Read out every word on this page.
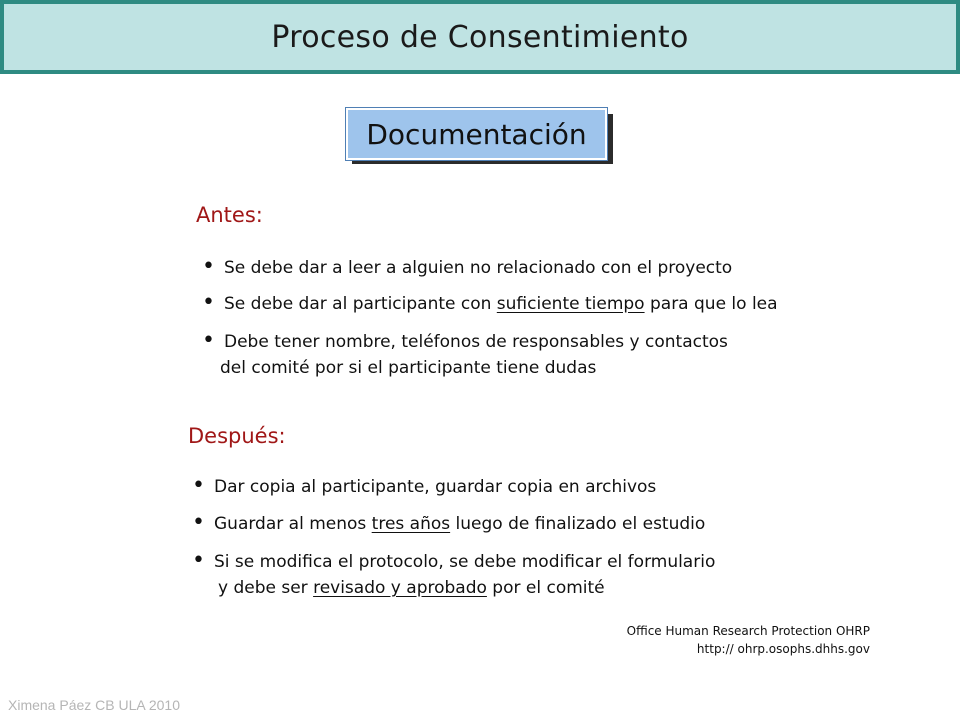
Proceso de Consentimiento
Documentación
Antes:
• Se debe dar a leer a alguien no relacionado con el proyecto
• Se debe dar al participante con suficiente tiempo para que lo lea
• Debe tener nombre, teléfonos de responsables y contactos
del comité por si el participante tiene dudas
Después:
• Dar copia al participante, guardar copia en archivos
• Guardar al menos tres años luego de finalizado el estudio
• Si se modifica el protocolo, se debe modificar el formulario
y debe ser revisado y aprobado por el comité
Office Human Research Protection OHRP
http:// ohrp.osophs.dhhs.gov
Ximena Páez CB ULA 2010
